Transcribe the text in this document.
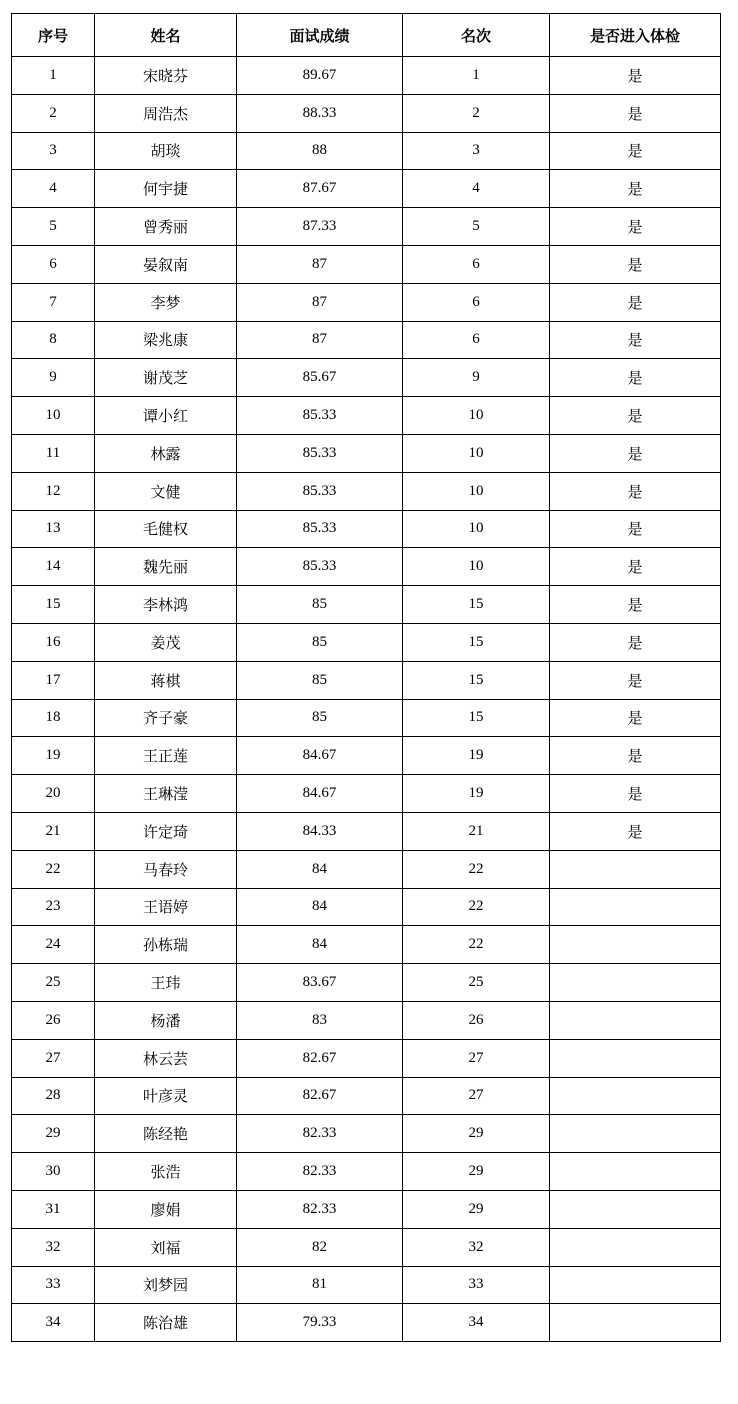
序号	姓名	面试成绩	名次	是否进入体检
1	宋晓芬	89.67	1	是
2	周浩杰	88.33	2	是
3	胡琰	88	3	是
4	何宇捷	87.67	4	是
5	曾秀丽	87.33	5	是
6	晏叙南	87	6	是
7	李梦	87	6	是
8	梁兆康	87	6	是
9	谢茂芝	85.67	9	是
10	谭小红	85.33	10	是
11	林露	85.33	10	是
12	文健	85.33	10	是
13	毛健权	85.33	10	是
14	魏先丽	85.33	10	是
15	李林鸿	85	15	是
16	姜茂	85	15	是
17	蒋棋	85	15	是
18	齐子豪	85	15	是
19	王正莲	84.67	19	是
20	王琳滢	84.67	19	是
21	许定琦	84.33	21	是
22	马春玲	84	22	
23	王语婷	84	22	
24	孙栋瑞	84	22	
25	王玮	83.67	25	
26	杨潘	83	26	
27	林云芸	82.67	27	
28	叶彦灵	82.67	27	
29	陈经艳	82.33	29	
30	张浩	82.33	29	
31	廖娟	82.33	29	
32	刘福	82	32	
33	刘梦园	81	33	
34	陈治雄	79.33	34	
